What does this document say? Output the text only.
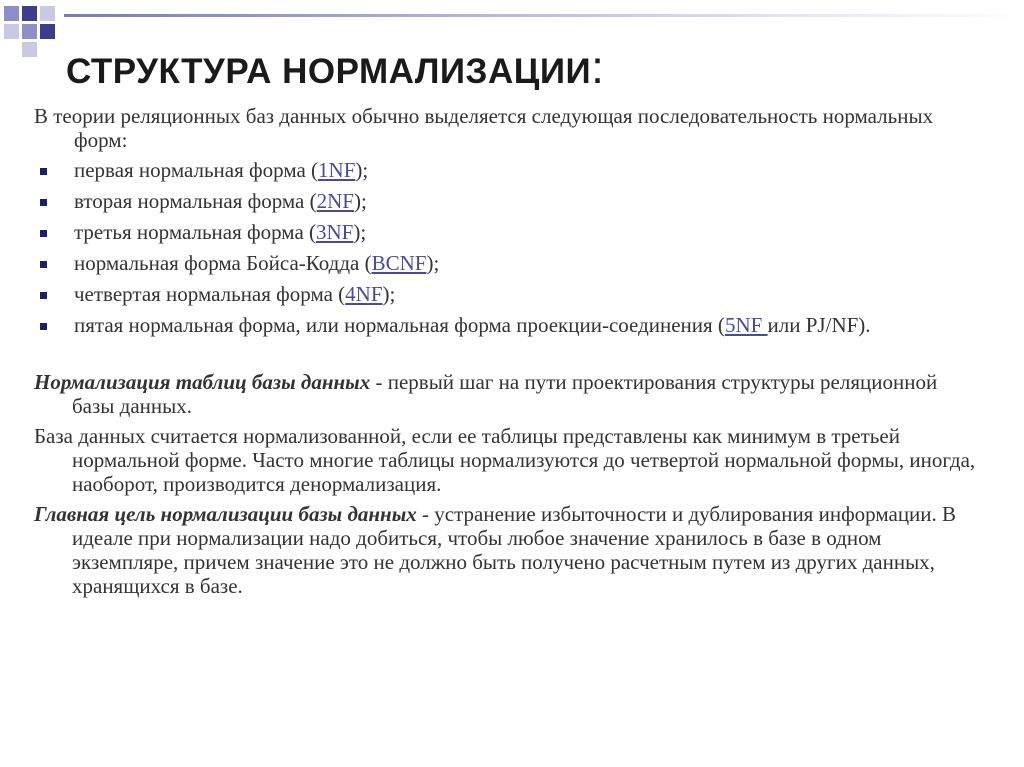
СТРУКТУРА НОРМАЛИЗАЦИИ:

В теории реляционных баз данных обычно выделяется следующая последовательность нормальных форм:

первая нормальная форма (1NF);
вторая нормальная форма (2NF);
третья нормальная форма (3NF);
нормальная форма Бойса-Кодда (BCNF);
четвертая нормальная форма (4NF);
пятая нормальная форма, или нормальная форма проекции-соединения (5NF или PJ/NF).

Нормализация таблиц базы данных - первый шаг на пути проектирования структуры реляционной базы данных.

База данных считается нормализованной, если ее таблицы представлены как минимум в третьей нормальной форме. Часто многие таблицы нормализуются до четвертой нормальной формы, иногда, наоборот, производится денормализация.

Главная цель нормализации базы данных - устранение избыточности и дублирования информации. В идеале при нормализации надо добиться, чтобы любое значение хранилось в базе в одном экземпляре, причем значение это не должно быть получено расчетным путем из других данных, хранящихся в базе.
